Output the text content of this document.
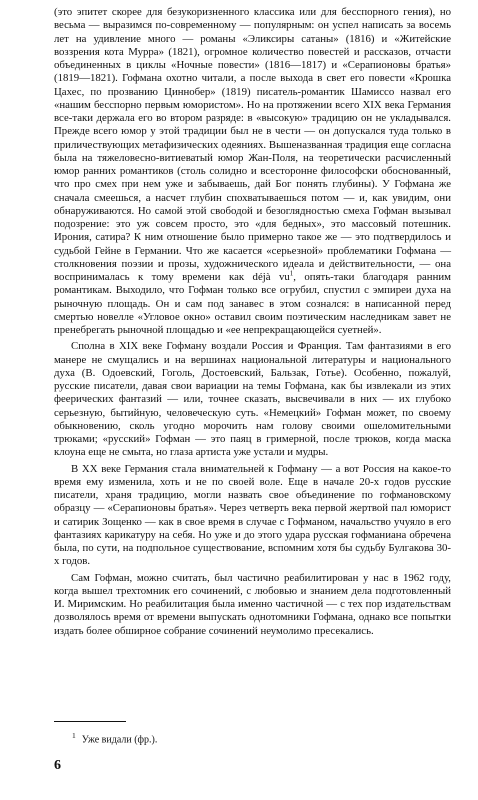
(это эпитет скорее для безукоризненного классика или для бесспорного гения), но весьма — выразимся по-современному — популярным: он успел написать за восемь лет на удивление много — романы «Эликсиры сатаны» (1816) и «Житейские воззрения кота Мурра» (1821), огромное количество повестей и рассказов, отчасти объединенных в циклы «Ночные повести» (1816—1817) и «Серапионовы братья» (1819—1821). Гофмана охотно читали, а после выхода в свет его повести «Крошка Цахес, по прозванию Циннобер» (1819) писатель-романтик Шамиссо назвал его «нашим бесспорно первым юмористом». Но на протяжении всего XIX века Германия все-таки держала его во втором разряде: в «высокую» традицию он не укладывался. Прежде всего юмор у этой традиции был не в чести — он допускался туда только в приличествующих метафизических одеяниях. Вышеназванная традиция еще согласна была на тяжеловесно-витиеватый юмор Жан-Поля, на теоретически расчисленный юмор ранних романтиков (столь солидно и всесторонне философски обоснованный, что про смех при нем уже и забываешь, дай Бог понять глубины). У Гофмана же сначала смеешься, а насчет глубин спохватываешься потом — и, как увидим, они обнаруживаются. Но самой этой свободой и безоглядностью смеха Гофман вызывал подозрение: это уж совсем просто, это «для бедных», это массовый потешник. Ирония, сатира? К ним отношение было примерно такое же — это подтвердилось и судьбой Гейне в Германии. Что же касается «серьезной» проблематики Гофмана — столкновения поэзии и прозы, художнического идеала и действительности, — она воспринималась к тому времени как déjà $vu^1$, опять-таки благодаря ранним романтикам. Выходило, что Гофман только все огрубил, спустил с эмпиреи духа на рыночную площадь. Он и сам под занавес в этом сознался: в написанной перед смертью новелле «Угловое окно» оставил своим поэтическим наследникам завет не пренебрегать рыночной площадью и «ее непрекращающейся суетней».

Сполна в XIX веке Гофману воздали Россия и Франция. Там фантазиями в его манере не смущались и на вершинах национальной литературы и национального духа (В. Одоевский, Гоголь, Достоевский, Бальзак, Готье). Особенно, пожалуй, русские писатели, давая свои вариации на темы Гофмана, как бы извлекали из этих феерических фантазий — или, точнее сказать, высвечивали в них — их глубоко серьезную, бытийную, человеческую суть. «Немецкий» Гофман может, по своему обыкновению, сколь угодно морочить нам голову своими ошеломительными трюками; «русский» Гофман — это паяц в гримерной, после трюков, когда маска клоуна еще не смыта, но глаза артиста уже устали и мудры.

В XX веке Германия стала внимательней к Гофману — а вот Россия на какое-то время ему изменила, хоть и не по своей воле. Еще в начале 20-х годов русские писатели, храня традицию, могли назвать свое объединение по гофмановскому образцу — «Серапионовы братья». Через четверть века первой жертвой пал юморист и сатирик Зощенко — как в свое время в случае с Гофманом, начальство учуяло в его фантазиях карикатуру на себя. Но уже и до этого удара русская гофманиана обречена была, по сути, на подпольное существование, вспомним хотя бы судьбу Булгакова 30-х годов.

Сам Гофман, можно считать, был частично реабилитирован у нас в 1962 году, когда вышел трехтомник его сочинений, с любовью и знанием дела подготовленный И. Миримским. Но реабилитация была именно частичной — с тех пор издательствам дозволялось время от времени выпускать однотомники Гофмана, однако все попытки издать более обширное собрание сочинений неумолимо пресекались.

$^1$ Уже видали (фр.).
6
